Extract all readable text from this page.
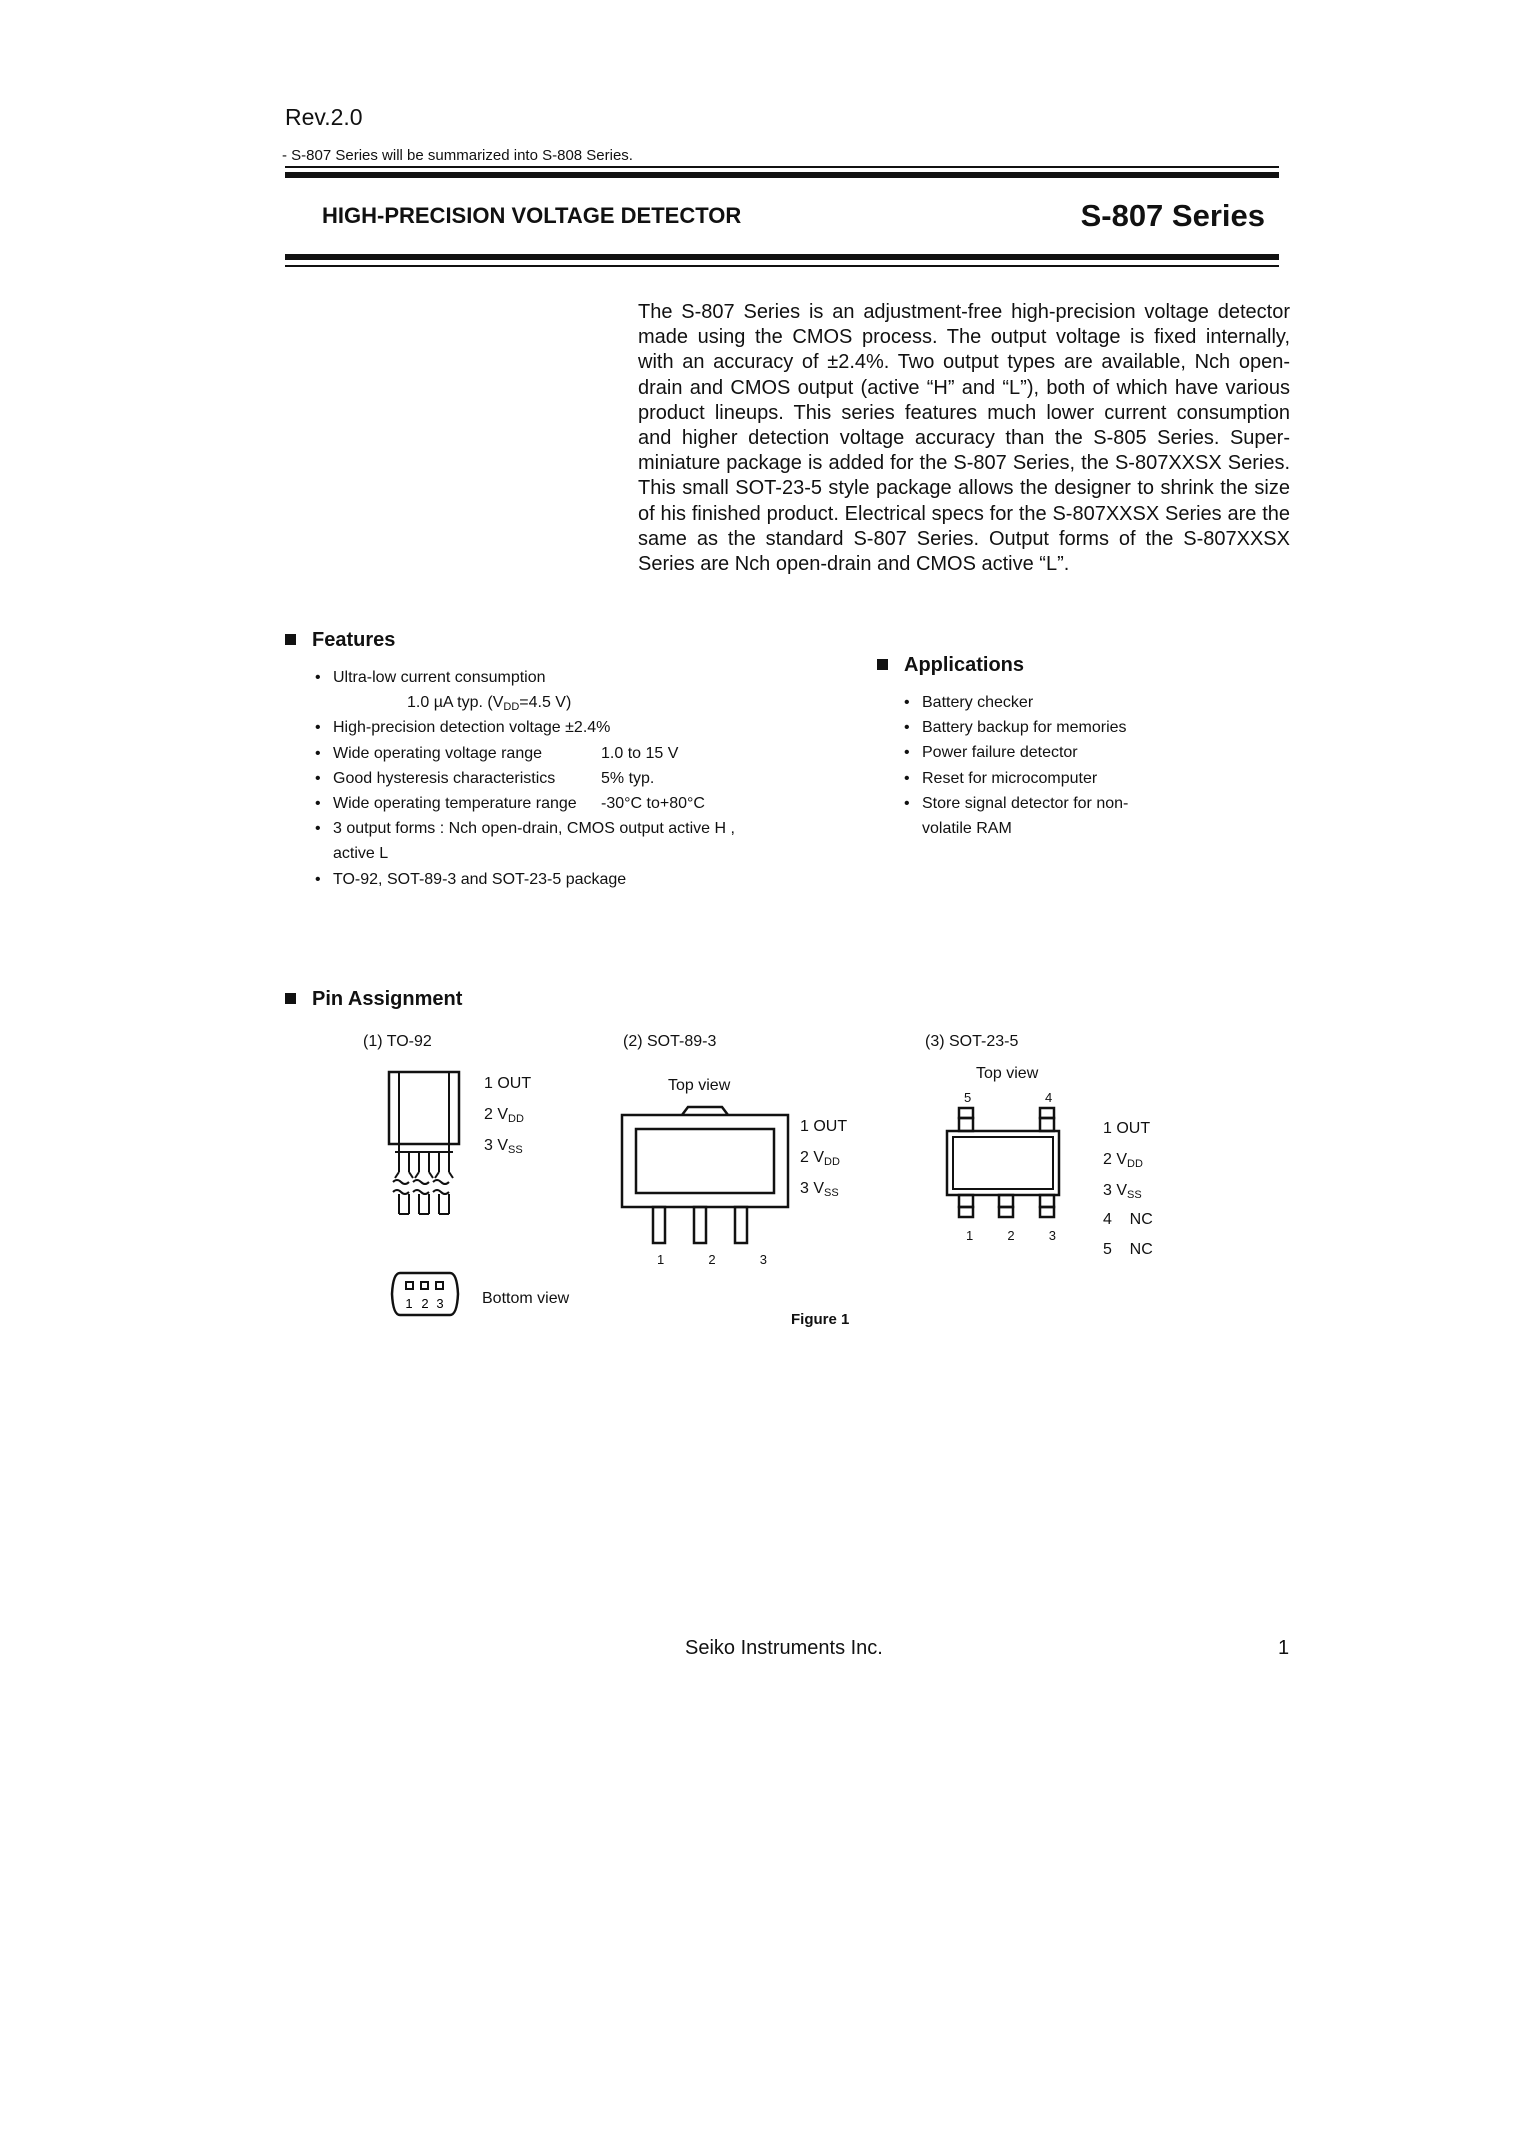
Rev.2.0
- S-807 Series will be summarized into S-808 Series.
HIGH-PRECISION VOLTAGE DETECTOR	S-807 Series
The S-807 Series is an adjustment-free high-precision voltage detector made using the CMOS process. The output voltage is fixed internally, with an accuracy of ±2.4%. Two output types are available, Nch open-drain and CMOS output (active “H” and “L”), both of which have various product lineups. This series features much lower current consumption and higher detection voltage accuracy than the S-805 Series. Super-miniature package is added for the S-807 Series, the S-807XXSX Series. This small SOT-23-5 style package allows the designer to shrink the size of his finished product. Electrical specs for the S-807XXSX Series are the same as the standard S-807 Series. Output forms of the S-807XXSX Series are Nch open-drain and CMOS active “L”.
Features
• Ultra-low current consumption
1.0 µA typ. ($V_{DD}=4.5$ V)
• High-precision detection voltage ±2.4%
• Wide operating voltage range	1.0 to 15 V
• Good hysteresis characteristics	5% typ.
• Wide operating temperature range -30°C to+80°C
• 3 output forms : Nch open-drain, CMOS output active H ,
active L
• TO-92, SOT-89-3 and SOT-23-5 package
Applications
• Battery checker
• Battery backup for memories
• Power failure detector
• Reset for microcomputer
• Store signal detector for non-
volatile RAM
Pin Assignment
(1) TO-92
1 OUT
2 $V_{DD}$
3 $V_{SS}$
1 2 3 Bottom view
(2) SOT-89-3
Top view
1	2	3
1 OUT
2 $V_{DD}$
3 $V_{SS}$
(3) SOT-23-5
Top view
5	4
1	2	3
1 OUT
2 $V_{DD}$
3 $V_{SS}$
4    NC
5    NC
Figure 1
Seiko Instruments Inc.	1
